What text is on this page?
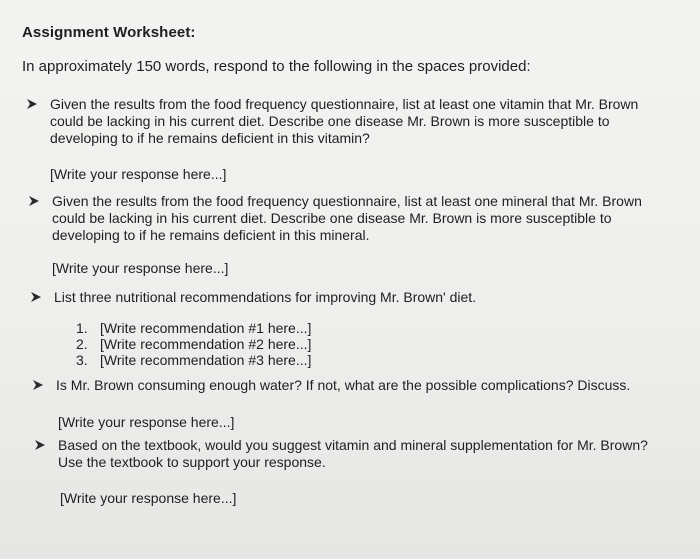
Assignment Worksheet:
In approximately 150 words, respond to the following in the spaces provided:
Given the results from the food frequency questionnaire, list at least one vitamin that Mr. Brown
could be lacking in his current diet. Describe one disease Mr. Brown is more susceptible to
developing to if he remains deficient in this vitamin?
[Write your response here...]
Given the results from the food frequency questionnaire, list at least one mineral that Mr. Brown
could be lacking in his current diet. Describe one disease Mr. Brown is more susceptible to
developing to if he remains deficient in this mineral.
[Write your response here...]
List three nutritional recommendations for improving Mr. Brown' diet.
1. [Write recommendation #1 here...]
2. [Write recommendation #2 here...]
3. [Write recommendation #3 here...]
Is Mr. Brown consuming enough water? If not, what are the possible complications? Discuss.
[Write your response here...]
Based on the textbook, would you suggest vitamin and mineral supplementation for Mr. Brown?
Use the textbook to support your response.
[Write your response here...]
